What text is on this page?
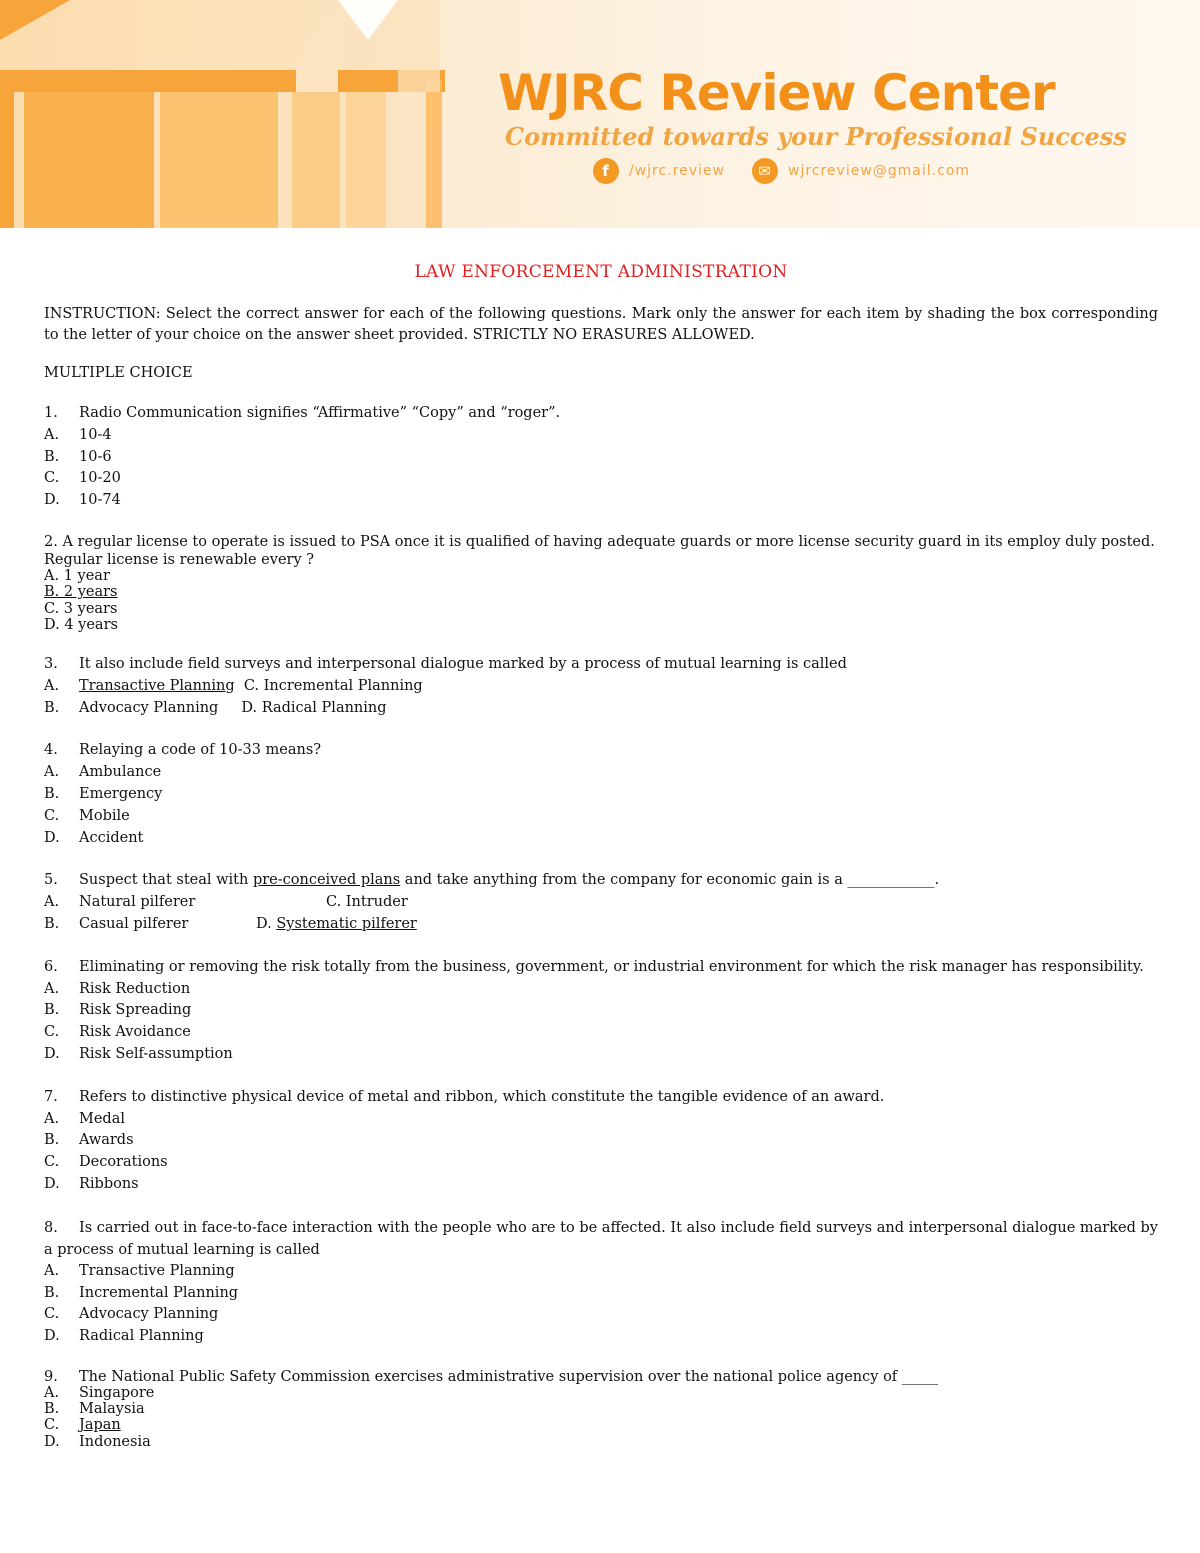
WJRC Review Center
Committed towards your Professional Success
f	/wjrc.review	✉	wjrcreview@gmail.com
LAW ENFORCEMENT ADMINISTRATION

INSTRUCTION: Select the correct answer for each of the following questions. Mark only the answer for each item by shading the box corresponding to the letter of your choice on the answer sheet provided. STRICTLY NO ERASURES ALLOWED.

MULTIPLE CHOICE
1.	Radio Communication signifies “Affirmative” “Copy” and “roger”.
A.	10-4
B.	10-6
C.	10-20
D.	10-74
2. A regular license to operate is issued to PSA once it is qualified of having adequate guards or more license security guard in its employ duly posted.
Regular license is renewable every ?
A. 1 year
B. 2 years
C. 3 years
D. 4 years
3.	It also include field surveys and interpersonal dialogue marked by a process of mutual learning is called
A.	Transactive Planning C. Incremental Planning
B.	Advocacy Planning D. Radical Planning
4.	Relaying a code of 10-33 means?
A.	Ambulance
B.	Emergency
C.	Mobile
D.	Accident
5.	Suspect that steal with pre-conceived plans and take anything from the company for economic gain is a ____________.
A.	Natural pilferer	C. Intruder
B.	Casual pilferer	D. Systematic pilferer
6.	Eliminating or removing the risk totally from the business, government, or industrial environment for which the risk manager has responsibility.
A.	Risk Reduction
B.	Risk Spreading
C.	Risk Avoidance
D.	Risk Self-assumption
7.	Refers to distinctive physical device of metal and ribbon, which constitute the tangible evidence of an award.
A.	Medal
B.	Awards
C.	Decorations
D.	Ribbons
8. Is carried out in face-to-face interaction with the people who are to be affected. It also include field surveys and interpersonal dialogue marked by a process of mutual learning is called
A.	Transactive Planning
B.	Incremental Planning
C.	Advocacy Planning
D.	Radical Planning
9.	The National Public Safety Commission exercises administrative supervision over the national police agency of _____
A.	Singapore
B.	Malaysia
C.	Japan
D.	Indonesia
